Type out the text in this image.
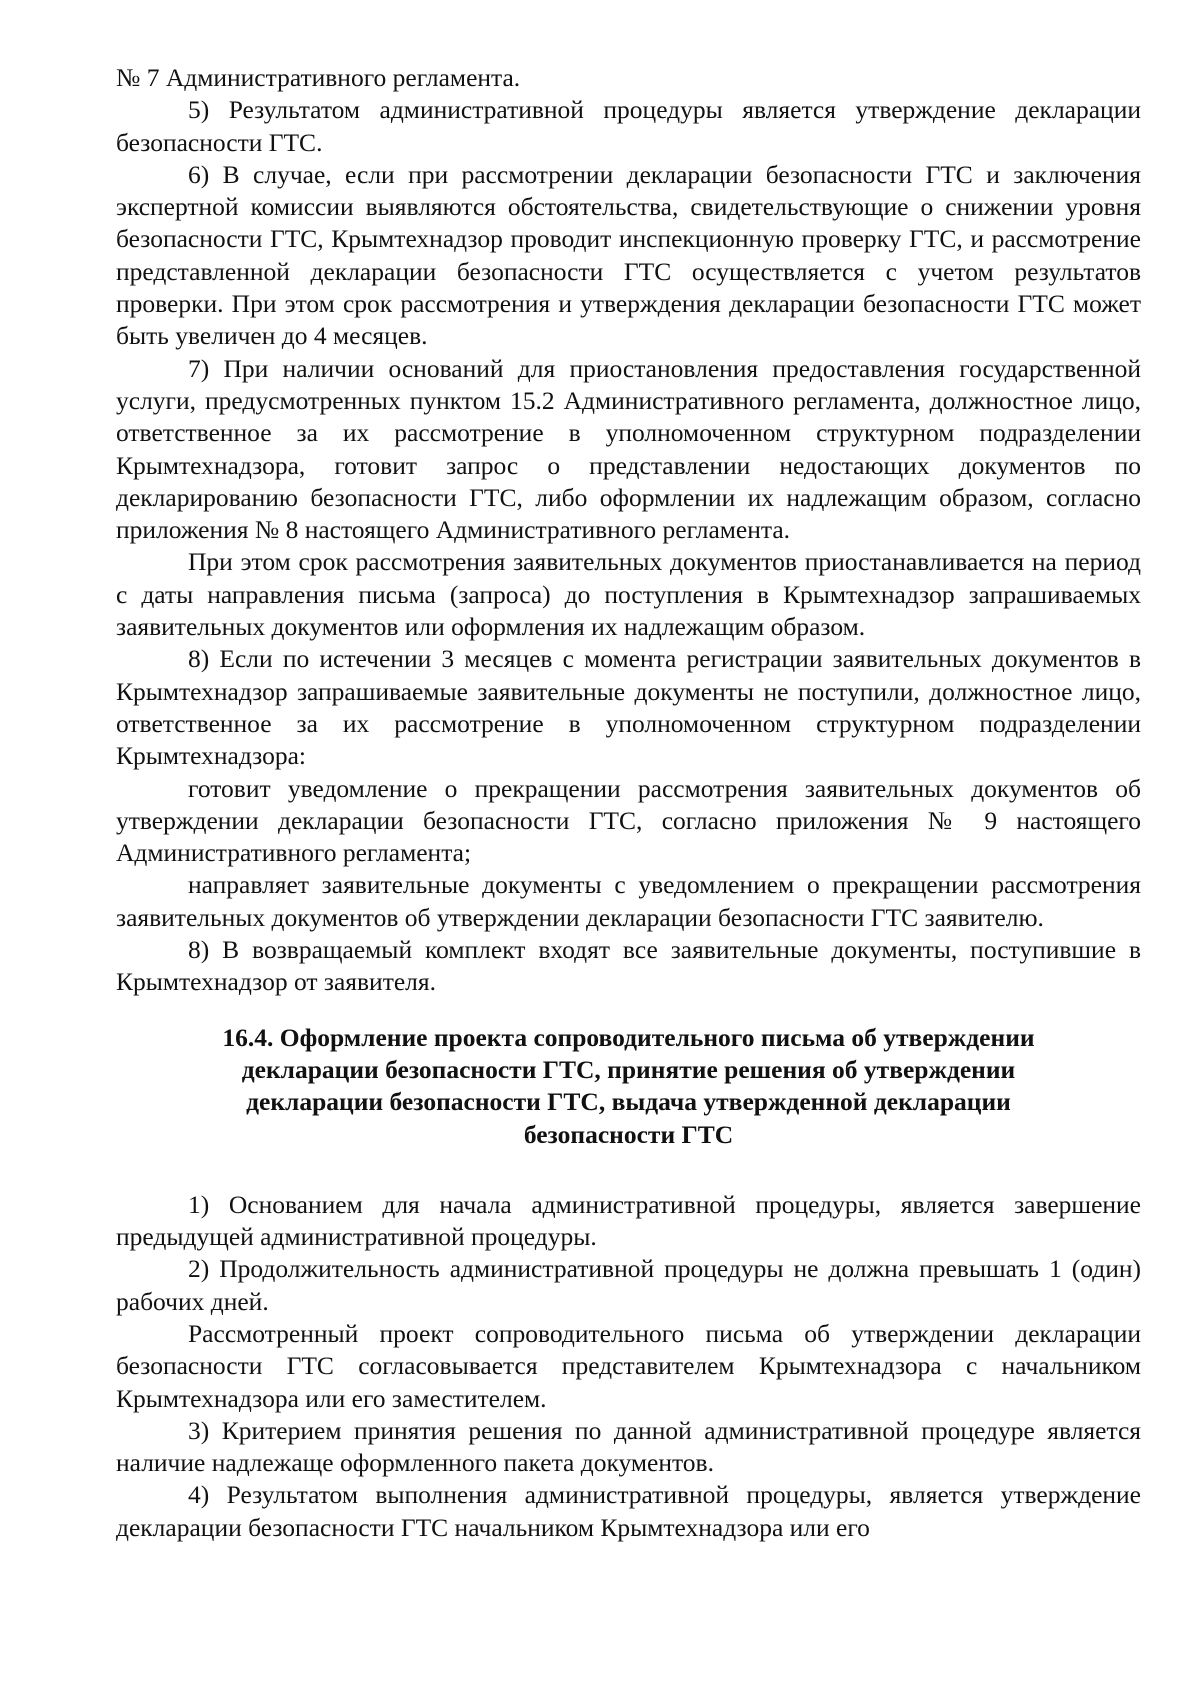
№ 7 Административного регламента.

5) Результатом административной процедуры является утверждение декларации безопасности ГТС.

6) В случае, если при рассмотрении декларации безопасности ГТС и заключения экспертной комиссии выявляются обстоятельства, свидетельствующие о снижении уровня безопасности ГТС, Крымтехнадзор проводит инспекционную проверку ГТС, и рассмотрение представленной декларации безопасности ГТС осуществляется с учетом результатов проверки. При этом срок рассмотрения и утверждения декларации безопасности ГТС может быть увеличен до 4 месяцев.

7) При наличии оснований для приостановления предоставления государственной услуги, предусмотренных пунктом 15.2 Административного регламента, должностное лицо, ответственное за их рассмотрение в уполномоченном структурном подразделении Крымтехнадзора, готовит запрос о представлении недостающих документов по декларированию безопасности ГТС, либо оформлении их надлежащим образом, согласно приложения № 8 настоящего Административного регламента.

При этом срок рассмотрения заявительных документов приостанавливается на период с даты направления письма (запроса) до поступления в Крымтехнадзор запрашиваемых заявительных документов или оформления их надлежащим образом.

8) Если по истечении 3 месяцев с момента регистрации заявительных документов в Крымтехнадзор запрашиваемые заявительные документы не поступили, должностное лицо, ответственное за их рассмотрение в уполномоченном структурном подразделении Крымтехнадзора:

готовит уведомление о прекращении рассмотрения заявительных документов об утверждении декларации безопасности ГТС, согласно приложения № 9 настоящего Административного регламента;

направляет заявительные документы с уведомлением о прекращении рассмотрения заявительных документов об утверждении декларации безопасности ГТС заявителю.

8) В возвращаемый комплект входят все заявительные документы, поступившие в Крымтехнадзор от заявителя.

16.4. Оформление проекта сопроводительного письма об утверждении
декларации безопасности ГТС, принятие решения об утверждении
декларации безопасности ГТС, выдача утвержденной декларации
безопасности ГТС

1) Основанием для начала административной процедуры, является завершение предыдущей административной процедуры.

2) Продолжительность административной процедуры не должна превышать 1 (один) рабочих дней.

Рассмотренный проект сопроводительного письма об утверждении декларации безопасности ГТС согласовывается представителем Крымтехнадзора с начальником Крымтехнадзора или его заместителем.

3) Критерием принятия решения по данной административной процедуре является наличие надлежаще оформленного пакета документов.

4) Результатом выполнения административной процедуры, является утверждение декларации безопасности ГТС начальником Крымтехнадзора или его
